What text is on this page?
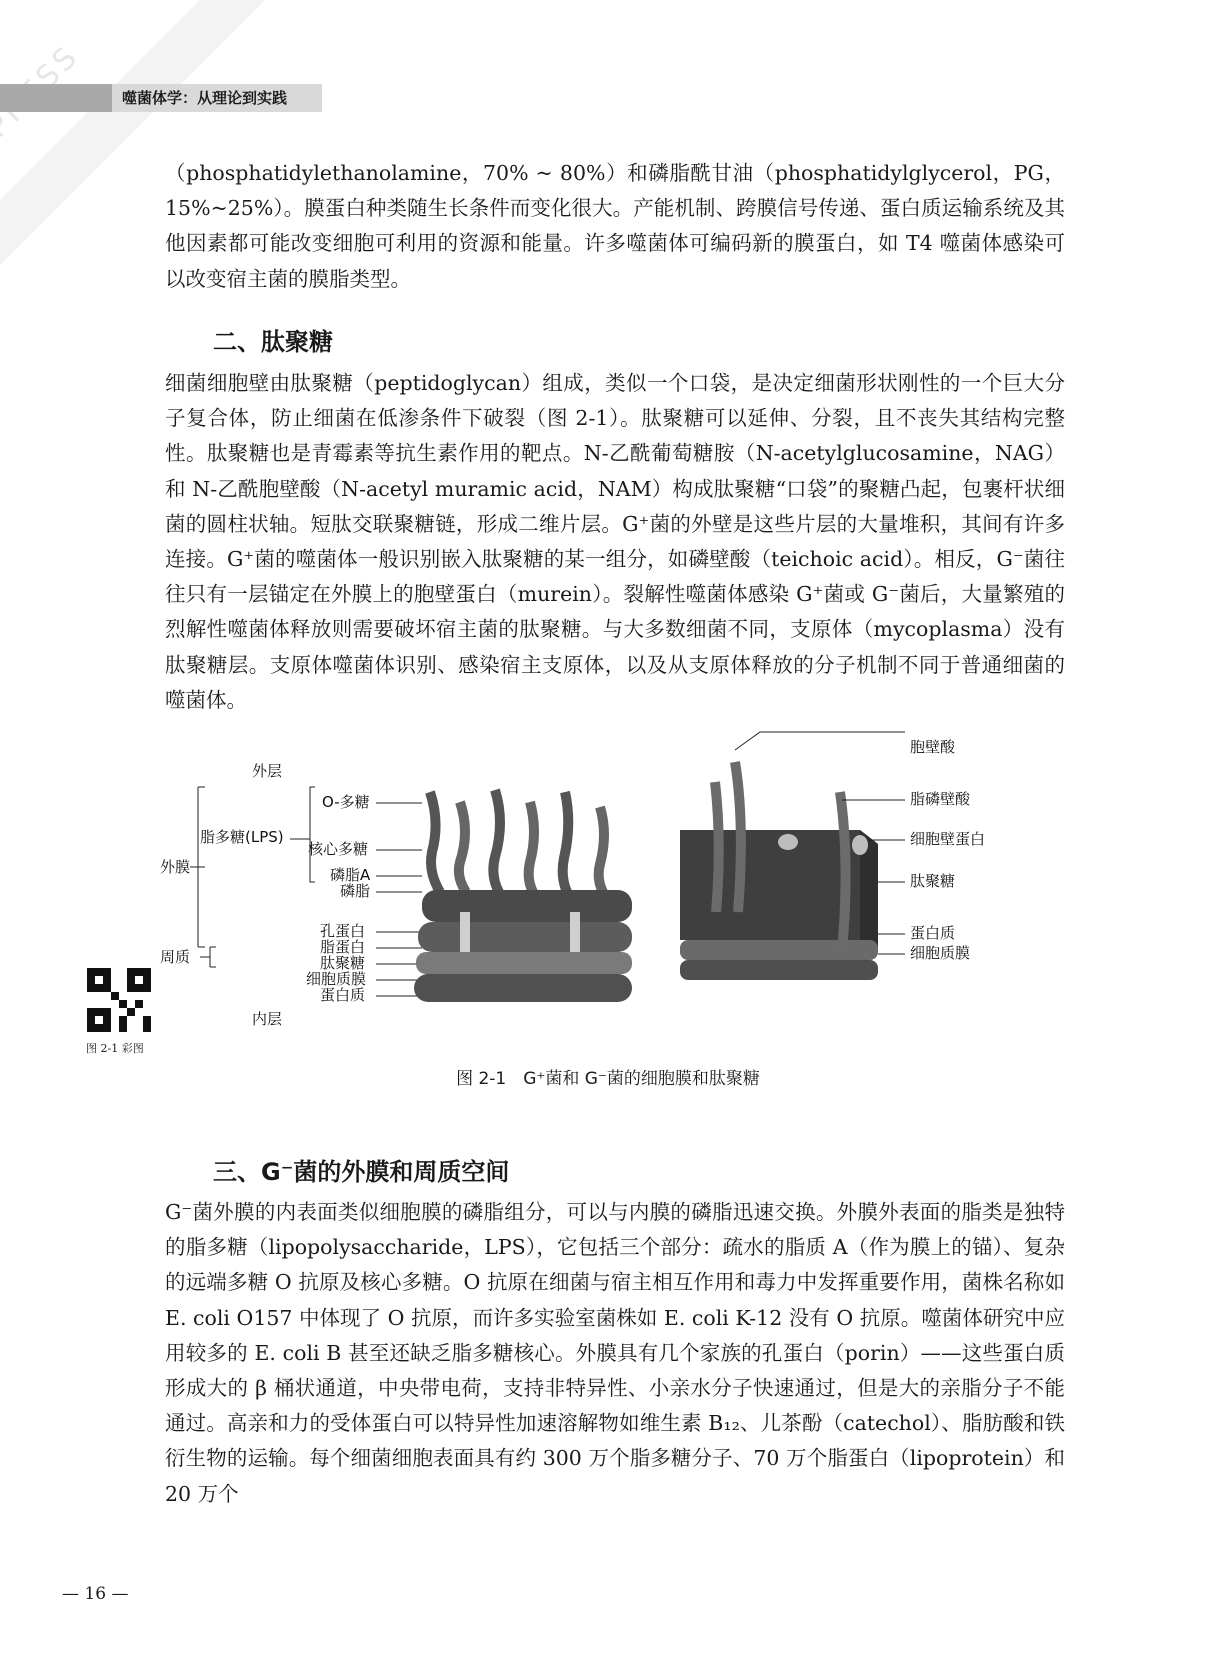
噬菌体学：从理论到实践

（phosphatidylethanolamine，70% ~ 80%）和磷脂酰甘油（phosphatidylglycerol，PG，15%~25%）。膜蛋白种类随生长条件而变化很大。产能机制、跨膜信号传递、蛋白质运输系统及其他因素都可能改变细胞可利用的资源和能量。许多噬菌体可编码新的膜蛋白，如 T4 噬菌体感染可以改变宿主菌的膜脂类型。

二、肽聚糖

细菌细胞壁由肽聚糖（peptidoglycan）组成，类似一个口袋，是决定细菌形状刚性的一个巨大分子复合体，防止细菌在低渗条件下破裂（图 2-1）。肽聚糖可以延伸、分裂，且不丧失其结构完整性。肽聚糖也是青霉素等抗生素作用的靶点。N-乙酰葡萄糖胺（N-acetylglucosamine，NAG）和 N-乙酰胞壁酸（N-acetyl muramic acid，NAM）构成肽聚糖“口袋”的聚糖凸起，包裹杆状细菌的圆柱状轴。短肽交联聚糖链，形成二维片层。G⁺菌的外壁是这些片层的大量堆积，其间有许多连接。G⁺菌的噬菌体一般识别嵌入肽聚糖的某一组分，如磷壁酸（teichoic acid）。相反，G⁻菌往往只有一层锚定在外膜上的胞壁蛋白（murein）。裂解性噬菌体感染 G⁺菌或 G⁻菌后，大量繁殖的烈解性噬菌体释放则需要破坏宿主菌的肽聚糖。与大多数细菌不同，支原体（mycoplasma）没有肽聚糖层。支原体噬菌体识别、感染宿主支原体，以及从支原体释放的分子机制不同于普通细菌的噬菌体。

外层
内层
外膜
脂多糖(LPS)
O-多糖
核心多糖
磷脂A
磷脂
周质
孔蛋白
脂蛋白
肽聚糖
细胞质膜
蛋白质
胞壁酸
脂磷壁酸
细胞壁蛋白
肽聚糖
蛋白质
细胞质膜
图 2-1 彩图
图 2-1　G⁺菌和 G⁻菌的细胞膜和肽聚糖
三、G⁻菌的外膜和周质空间

G⁻菌外膜的内表面类似细胞膜的磷脂组分，可以与内膜的磷脂迅速交换。外膜外表面的脂类是独特的脂多糖（lipopolysaccharide，LPS），它包括三个部分：疏水的脂质 A（作为膜上的锚）、复杂的远端多糖 O 抗原及核心多糖。O 抗原在细菌与宿主相互作用和毒力中发挥重要作用，菌株名称如 E. coli O157 中体现了 O 抗原，而许多实验室菌株如 E. coli K-12 没有 O 抗原。噬菌体研究中应用较多的 E. coli B 甚至还缺乏脂多糖核心。外膜具有几个家族的孔蛋白（porin）——这些蛋白质形成大的 β 桶状通道，中央带电荷，支持非特异性、小亲水分子快速通过，但是大的亲脂分子不能通过。高亲和力的受体蛋白可以特异性加速溶解物如维生素 B₁₂、儿茶酚（catechol）、脂肪酸和铁衍生物的运输。每个细菌细胞表面具有约 300 万个脂多糖分子、70 万个脂蛋白（lipoprotein）和 20 万个

— 16 —
